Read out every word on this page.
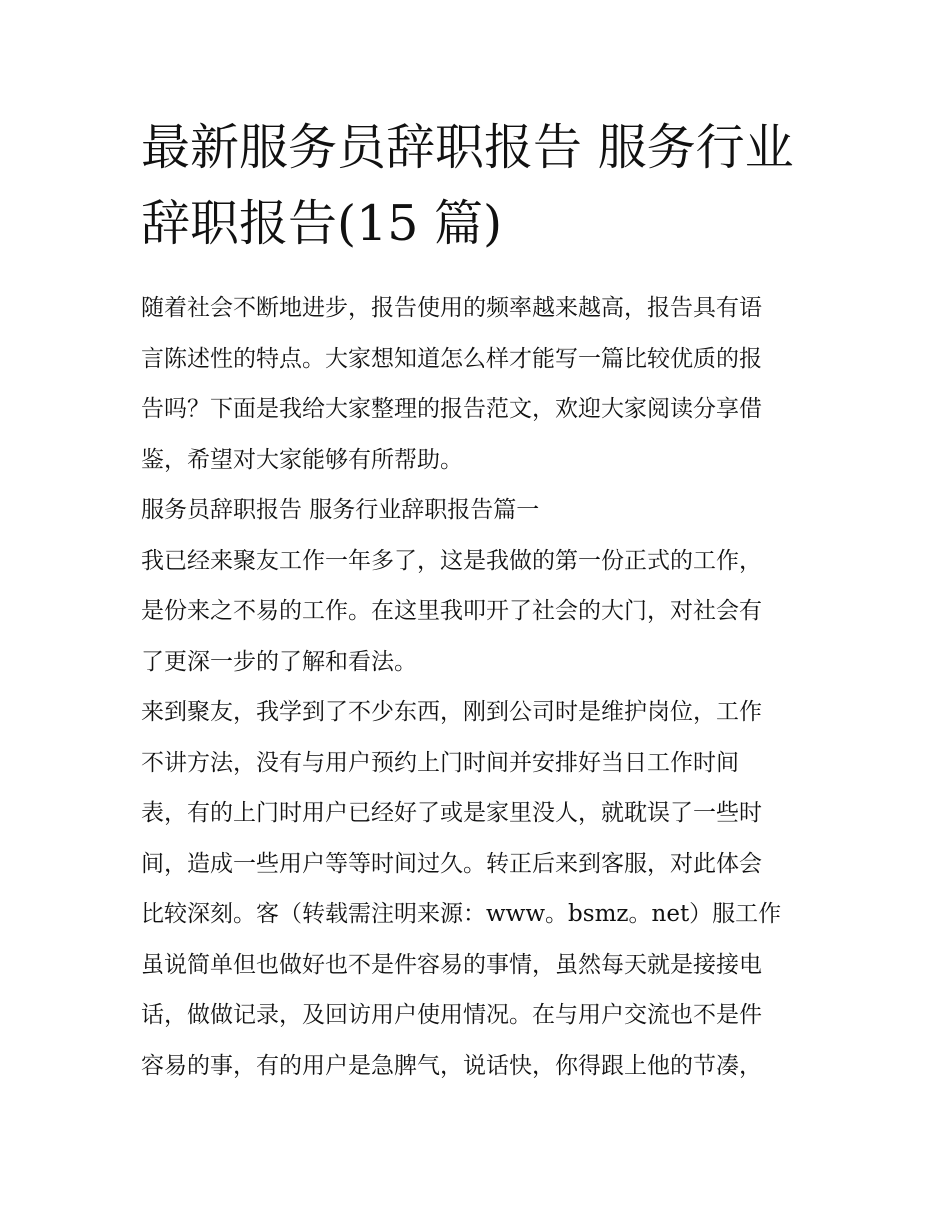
最新服务员辞职报告 服务行业
辞职报告(15 篇)
随着社会不断地进步，报告使用的频率越来越高，报告具有语
言陈述性的特点。大家想知道怎么样才能写一篇比较优质的报
告吗？下面是我给大家整理的报告范文，欢迎大家阅读分享借
鉴，希望对大家能够有所帮助。
服务员辞职报告 服务行业辞职报告篇一
我已经来聚友工作一年多了，这是我做的第一份正式的工作，
是份来之不易的工作。在这里我叩开了社会的大门，对社会有
了更深一步的了解和看法。
来到聚友，我学到了不少东西，刚到公司时是维护岗位，工作
不讲方法，没有与用户预约上门时间并安排好当日工作时间
表，有的上门时用户已经好了或是家里没人，就耽误了一些时
间，造成一些用户等等时间过久。转正后来到客服，对此体会
比较深刻。客（转载需注明来源：www。bsmz。net）服工作
虽说简单但也做好也不是件容易的事情，虽然每天就是接接电
话，做做记录，及回访用户使用情况。在与用户交流也不是件
容易的事，有的用户是急脾气，说话快，你得跟上他的节凑，
